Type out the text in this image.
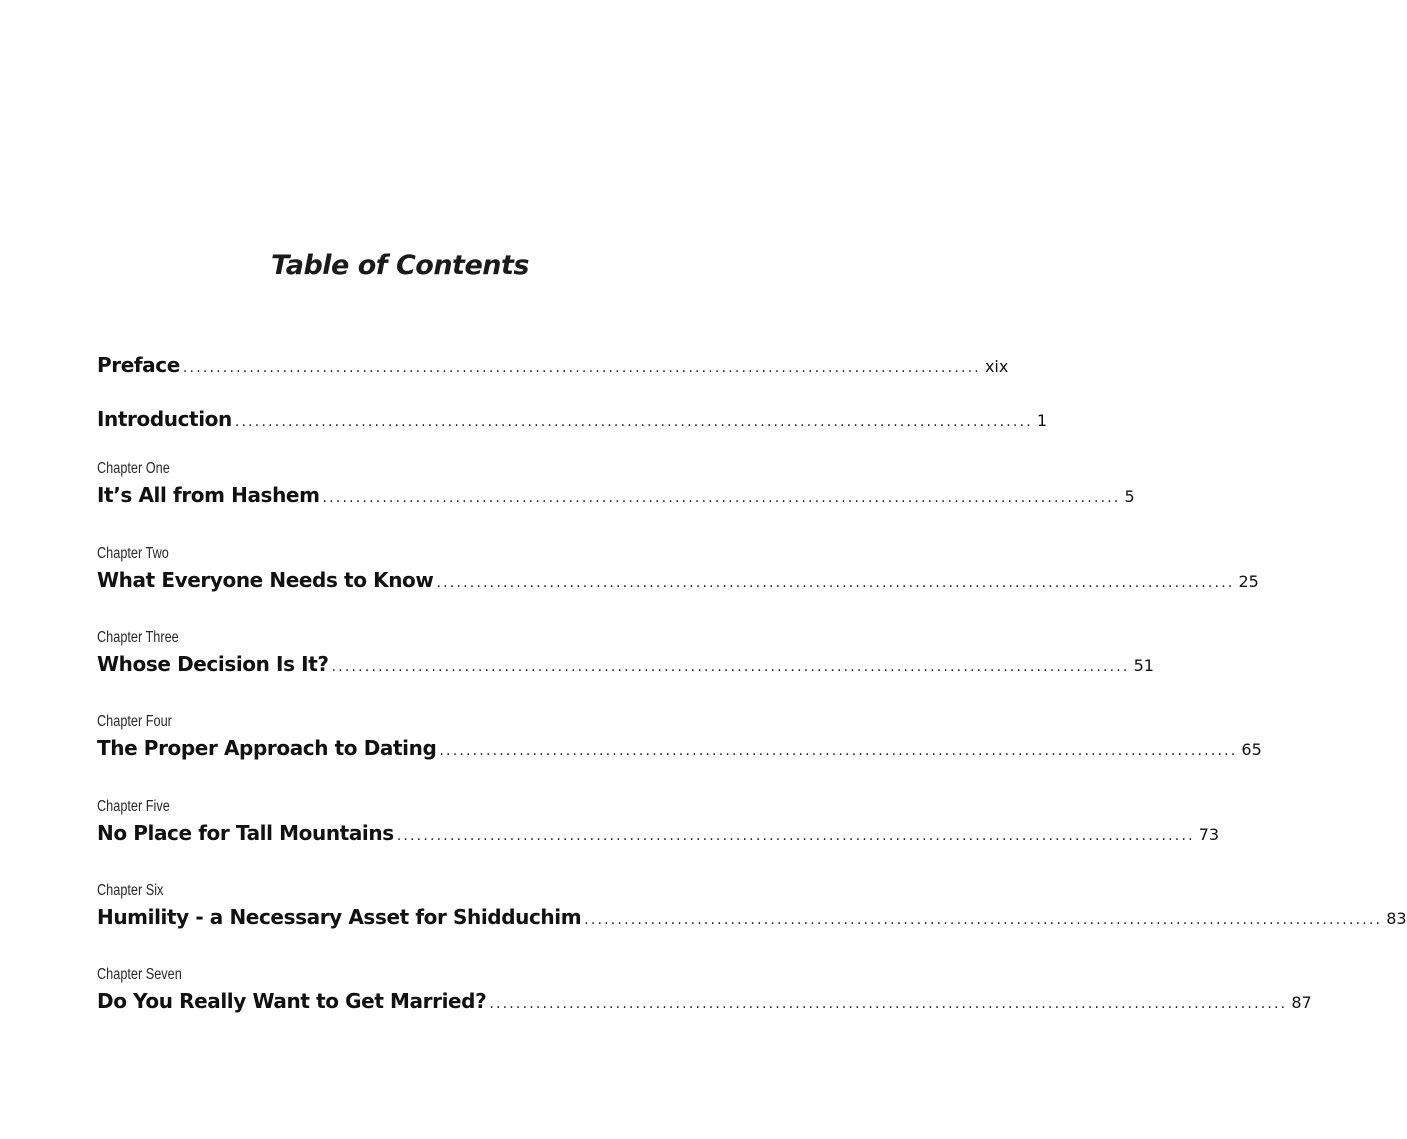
Table of Contents
Preface ........................................................................................................................ xix
Introduction ........................................................................................................................ 1
Chapter One
It’s All from Hashem ........................................................................................................................ 5
Chapter Two
What Everyone Needs to Know ........................................................................................................................ 25
Chapter Three
Whose Decision Is It? ........................................................................................................................ 51
Chapter Four
The Proper Approach to Dating ........................................................................................................................ 65
Chapter Five
No Place for Tall Mountains ........................................................................................................................ 73
Chapter Six
Humility - a Necessary Asset for Shidduchim ........................................................................................................................ 83
Chapter Seven
Do You Really Want to Get Married? ........................................................................................................................ 87
